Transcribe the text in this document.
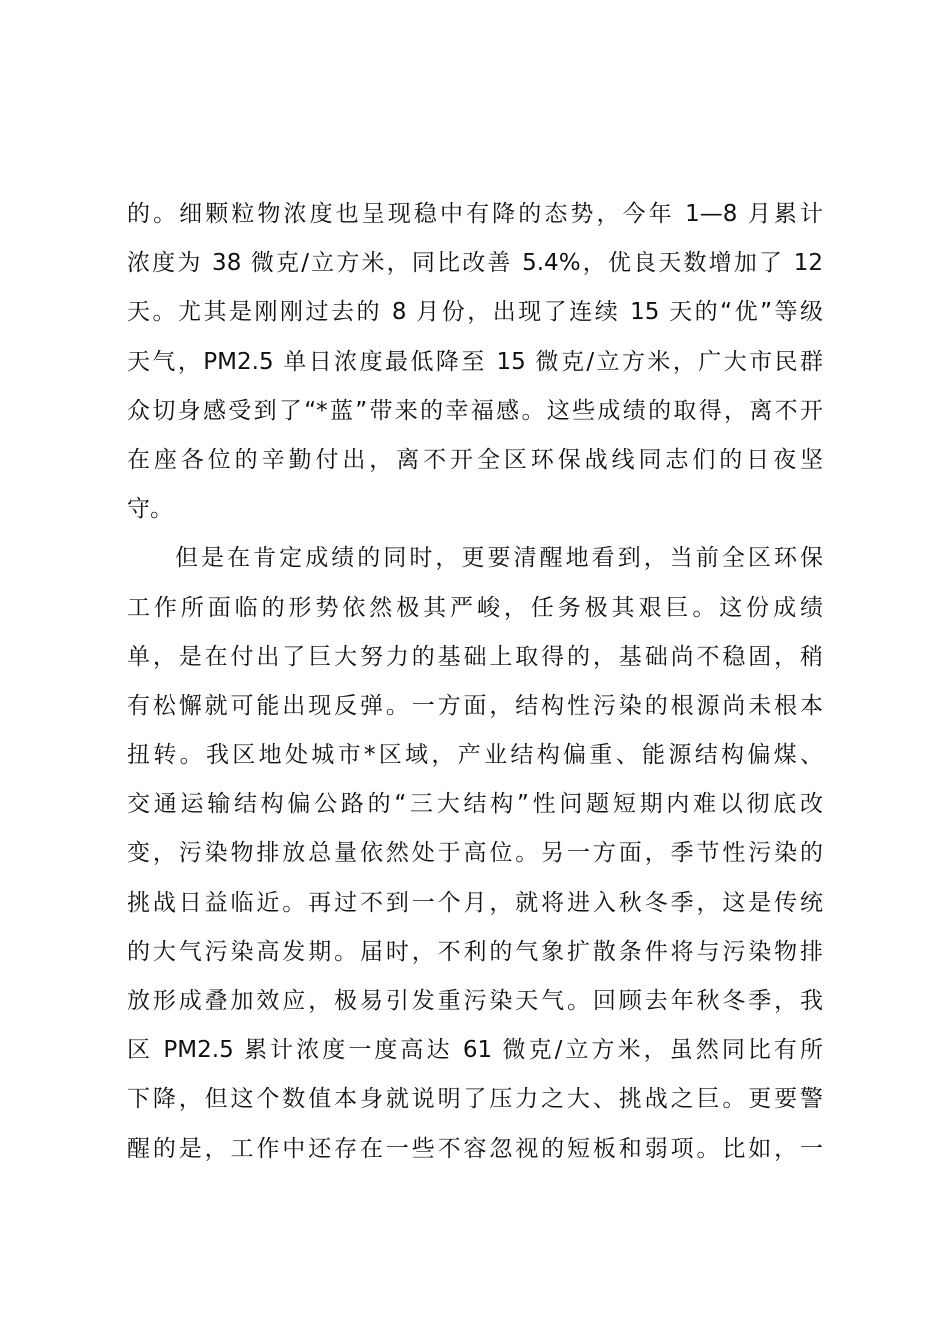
的。细颗粒物浓度也呈现稳中有降的态势，今年 1—8 月累计
浓度为 38 微克/立方米，同比改善 5.4%，优良天数增加了 12
天。尤其是刚刚过去的 8 月份，出现了连续 15 天的“优”等级
天气，PM2.5 单日浓度最低降至 15 微克/立方米，广大市民群
众切身感受到了“*蓝”带来的幸福感。这些成绩的取得，离不开
在座各位的辛勤付出，离不开全区环保战线同志们的日夜坚
守。
但是在肯定成绩的同时，更要清醒地看到，当前全区环保
工作所面临的形势依然极其严峻，任务极其艰巨。这份成绩
单，是在付出了巨大努力的基础上取得的，基础尚不稳固，稍
有松懈就可能出现反弹。一方面，结构性污染的根源尚未根本
扭转。我区地处城市*区域，产业结构偏重、能源结构偏煤、
交通运输结构偏公路的“三大结构”性问题短期内难以彻底改
变，污染物排放总量依然处于高位。另一方面，季节性污染的
挑战日益临近。再过不到一个月，就将进入秋冬季，这是传统
的大气污染高发期。届时，不利的气象扩散条件将与污染物排
放形成叠加效应，极易引发重污染天气。回顾去年秋冬季，我
区 PM2.5 累计浓度一度高达 61 微克/立方米，虽然同比有所
下降，但这个数值本身就说明了压力之大、挑战之巨。更要警
醒的是，工作中还存在一些不容忽视的短板和弱项。比如，一
